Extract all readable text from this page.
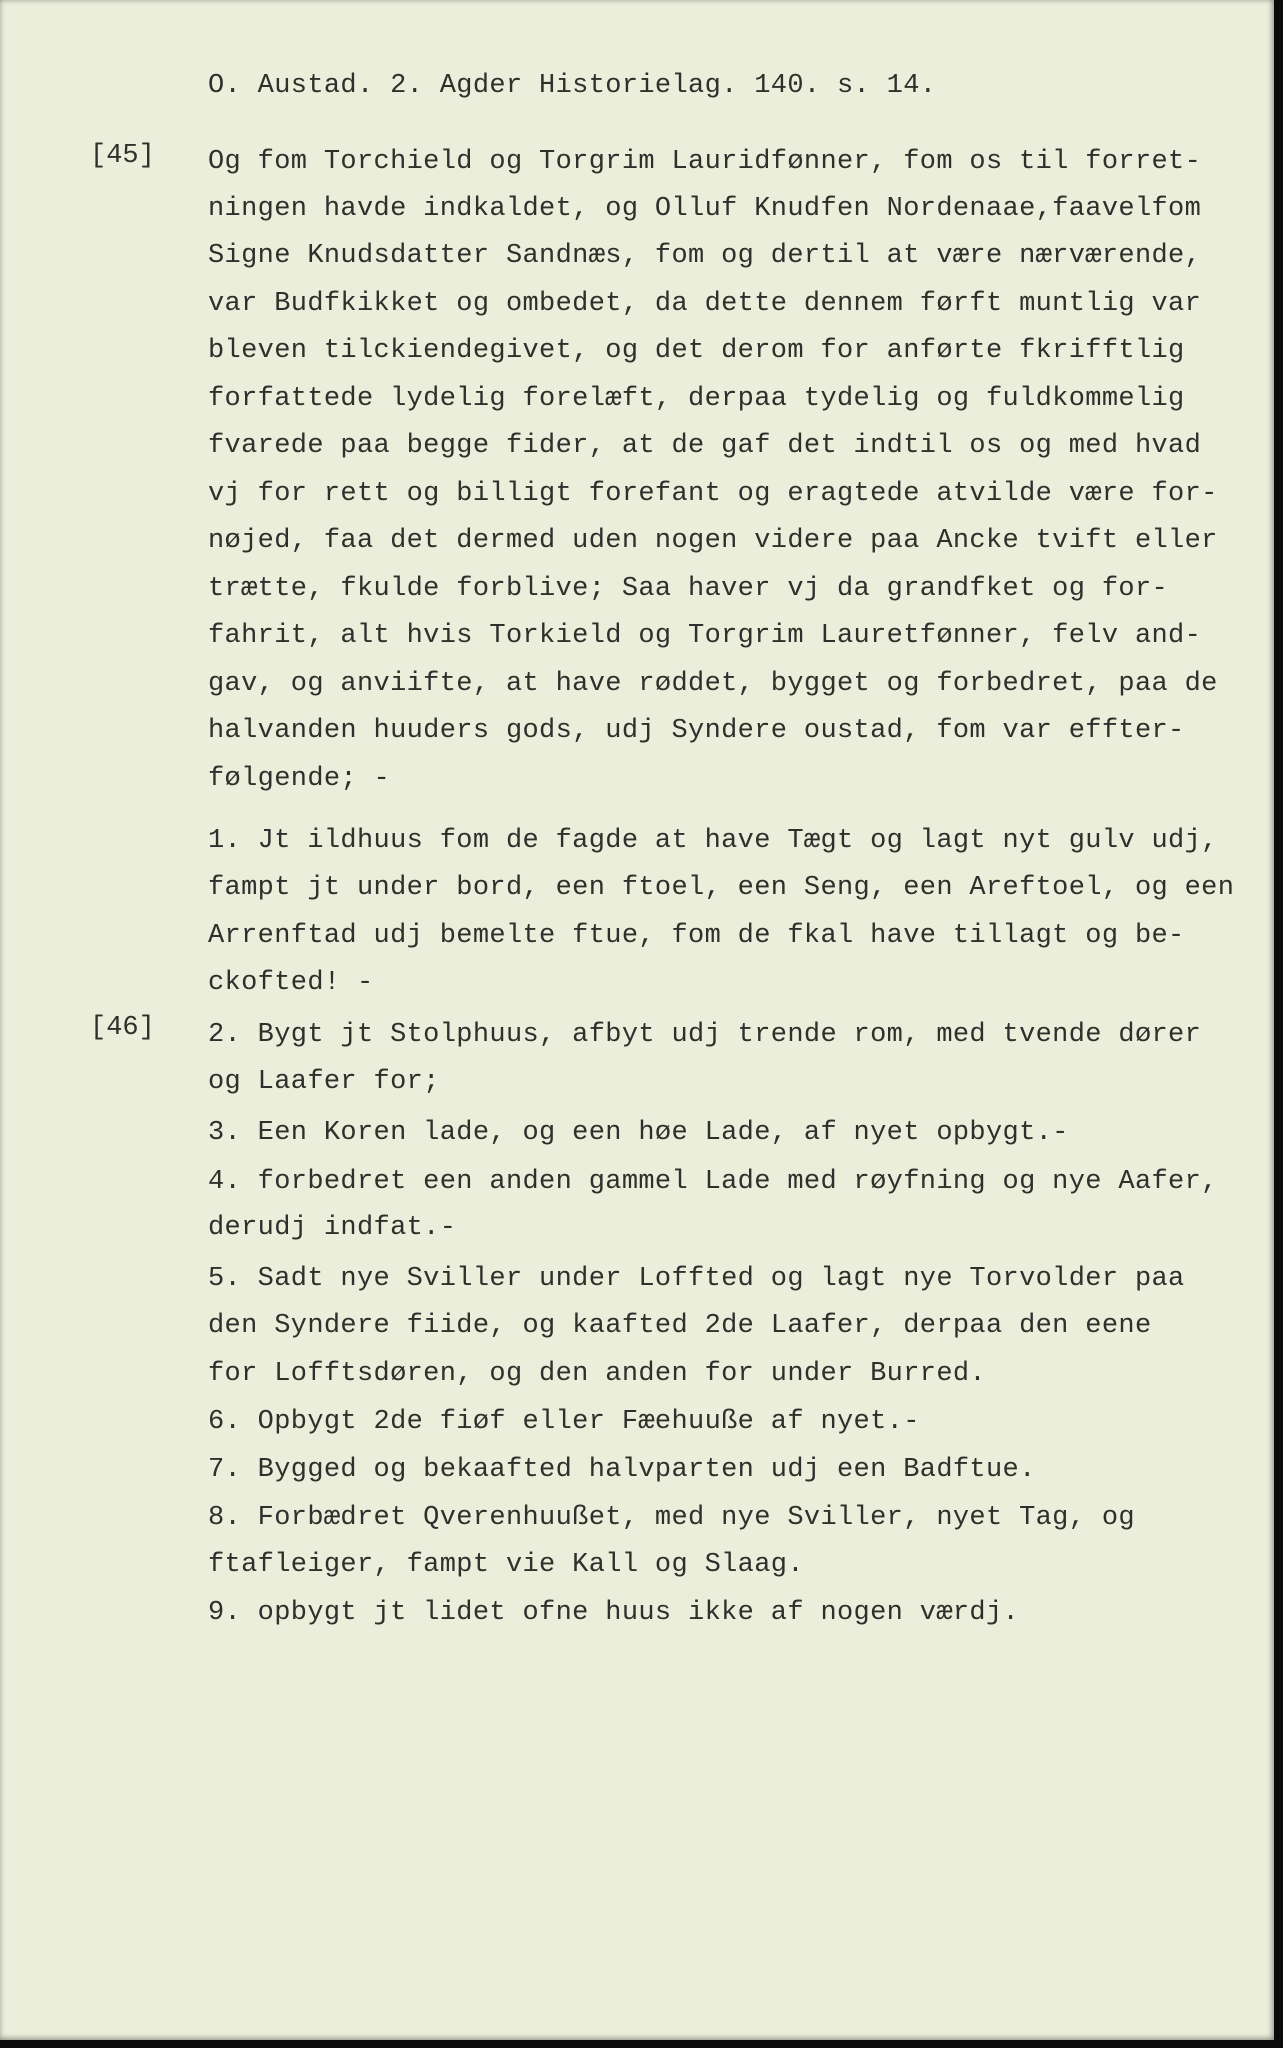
O. Austad. 2. Agder Historielag. 140. s. 14.

[45]

[46]

Og fom Torchield og Torgrim Lauridfønner, fom os til forret-

ningen havde indkaldet, og Olluf Knudfen Nordenaae,faavelfom

Signe Knudsdatter Sandnæs, fom og dertil at være nærværende,

var Budfkikket og ombedet, da dette dennem førft muntlig var

bleven tilckiendegivet, og det derom for anførte fkrifftlig

forfattede lydelig forelæft, derpaa tydelig og fuldkommelig

fvarede paa begge fider, at de gaf det indtil os og med hvad

vj for rett og billigt forefant og eragtede atvilde være for-

nøjed, faa det dermed uden nogen videre paa Ancke tvift eller

trætte, fkulde forblive; Saa haver vj da grandfket og for-

fahrit, alt hvis Torkield og Torgrim Lauretfønner, felv and-

gav, og anviifte, at have røddet, bygget og forbedret, paa de

halvanden huuders gods, udj Syndere oustad, fom var effter-

følgende; -

1. Jt ildhuus fom de fagde at have Tægt og lagt nyt gulv udj,

fampt jt under bord, een ftoel, een Seng, een Areftoel, og een

Arrenftad udj bemelte ftue, fom de fkal have tillagt og be-

ckofted! -

2. Bygt jt Stolphuus, afbyt udj trende rom, med tvende dører

og Laafer for;

3. Een Koren lade, og een høe Lade, af nyet opbygt.-

4. forbedret een anden gammel Lade med røyfning og nye Aafer,

derudj indfat.-

5. Sadt nye Sviller under Loffted og lagt nye Torvolder paa

den Syndere fiide, og kaafted 2de Laafer, derpaa den eene

for Lofftsdøren, og den anden for under Burred.

6. Opbygt 2de fiøf eller Fæehuuße af nyet.-

7. Bygged og bekaafted halvparten udj een Badftue.

8. Forbædret Qverenhuußet, med nye Sviller, nyet Tag, og

ftafleiger, fampt vie Kall og Slaag.

9. opbygt jt lidet ofne huus ikke af nogen værdj.
